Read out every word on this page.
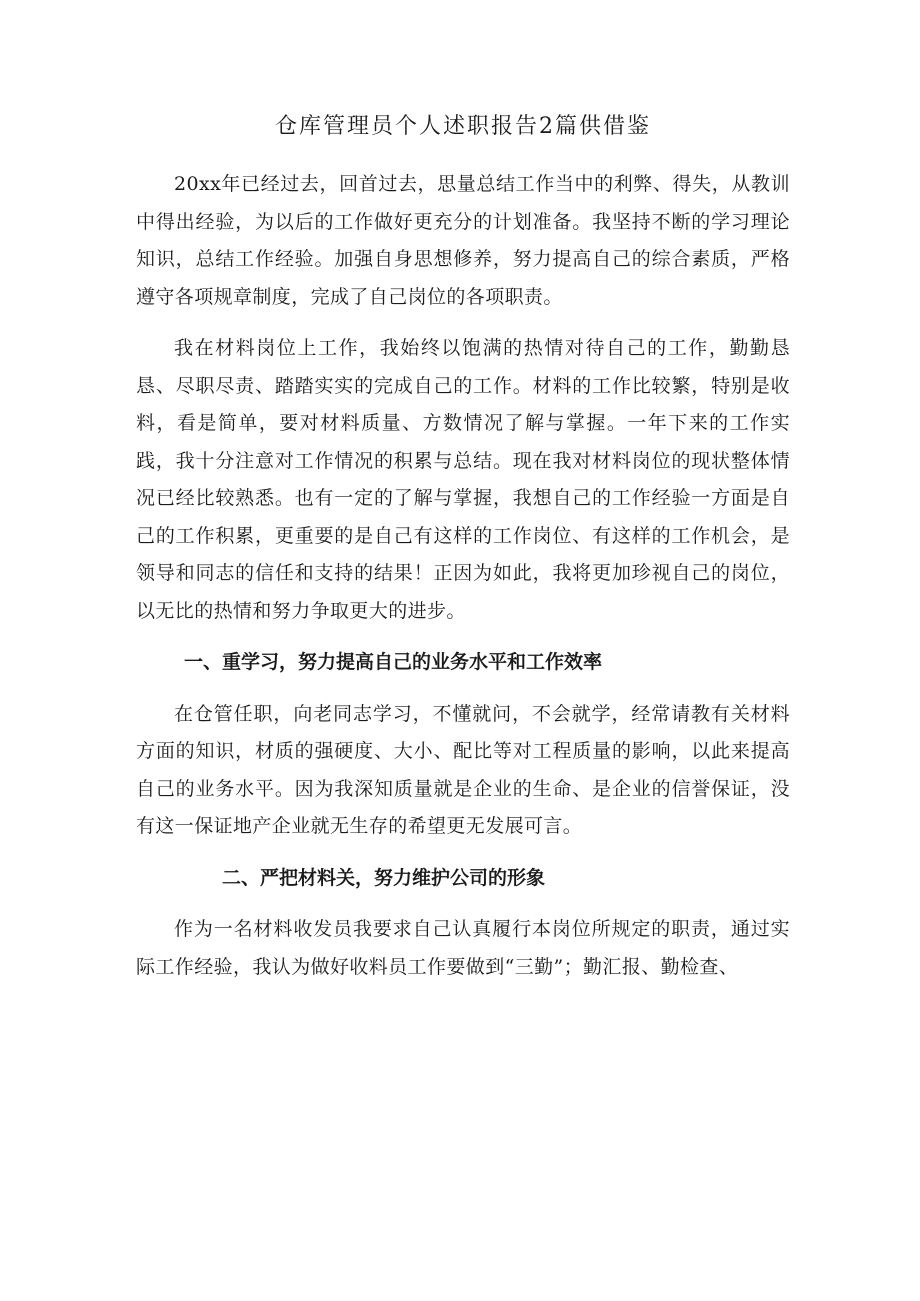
仓库管理员个人述职报告2篇供借鉴

20xx年已经过去，回首过去，思量总结工作当中的利弊、得失，从教训中得出经验，为以后的工作做好更充分的计划准备。我坚持不断的学习理论知识，总结工作经验。加强自身思想修养，努力提高自己的综合素质，严格遵守各项规章制度，完成了自己岗位的各项职责。

我在材料岗位上工作，我始终以饱满的热情对待自己的工作，勤勤恳恳、尽职尽责、踏踏实实的完成自己的工作。材料的工作比较繁，特别是收料，看是简单，要对材料质量、方数情况了解与掌握。一年下来的工作实践，我十分注意对工作情况的积累与总结。现在我对材料岗位的现状整体情况已经比较熟悉。也有一定的了解与掌握，我想自己的工作经验一方面是自己的工作积累，更重要的是自己有这样的工作岗位、有这样的工作机会，是领导和同志的信任和支持的结果！正因为如此，我将更加珍视自己的岗位，以无比的热情和努力争取更大的进步。

一、重学习，努力提高自己的业务水平和工作效率

在仓管任职，向老同志学习，不懂就问，不会就学，经常请教有关材料方面的知识，材质的强硬度、大小、配比等对工程质量的影响，以此来提高自己的业务水平。因为我深知质量就是企业的生命、是企业的信誉保证，没有这一保证地产企业就无生存的希望更无发展可言。

二、严把材料关，努力维护公司的形象

作为一名材料收发员我要求自己认真履行本岗位所规定的职责，通过实际工作经验，我认为做好收料员工作要做到“三勤”；勤汇报、勤检查、
